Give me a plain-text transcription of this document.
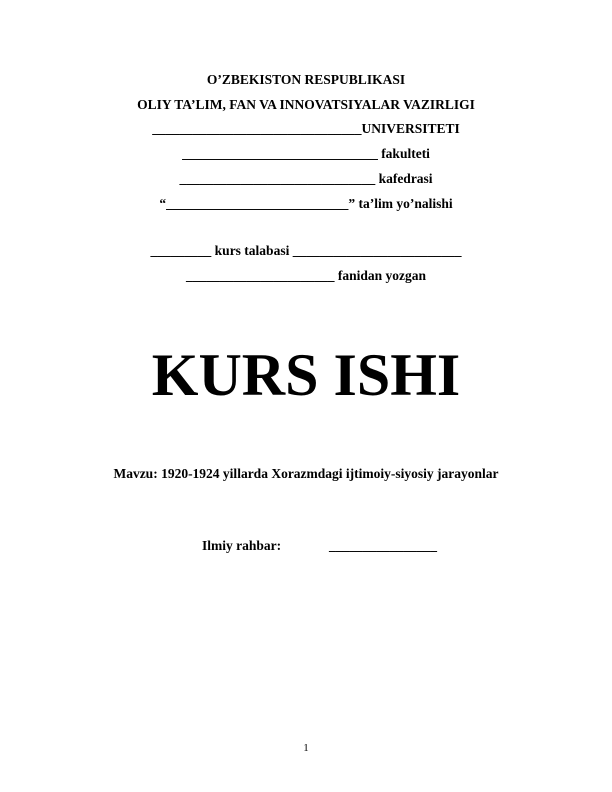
O’ZBEKISTON RESPUBLIKASI
OLIY TA’LIM, FAN VA INNOVATSIYALAR VAZIRLIGI
_______________________________UNIVERSITETI
_____________________________ fakulteti
_____________________________ kafedrasi
“___________________________” ta’lim yo’nalishi
_________ kurs talabasi _________________________
______________________ fanidan yozgan
KURS ISHI
Mavzu: 1920-1924 yillarda Xorazmdagi ijtimoiy-siyosiy jarayonlar
Ilmiy rahbar:	________________
1
